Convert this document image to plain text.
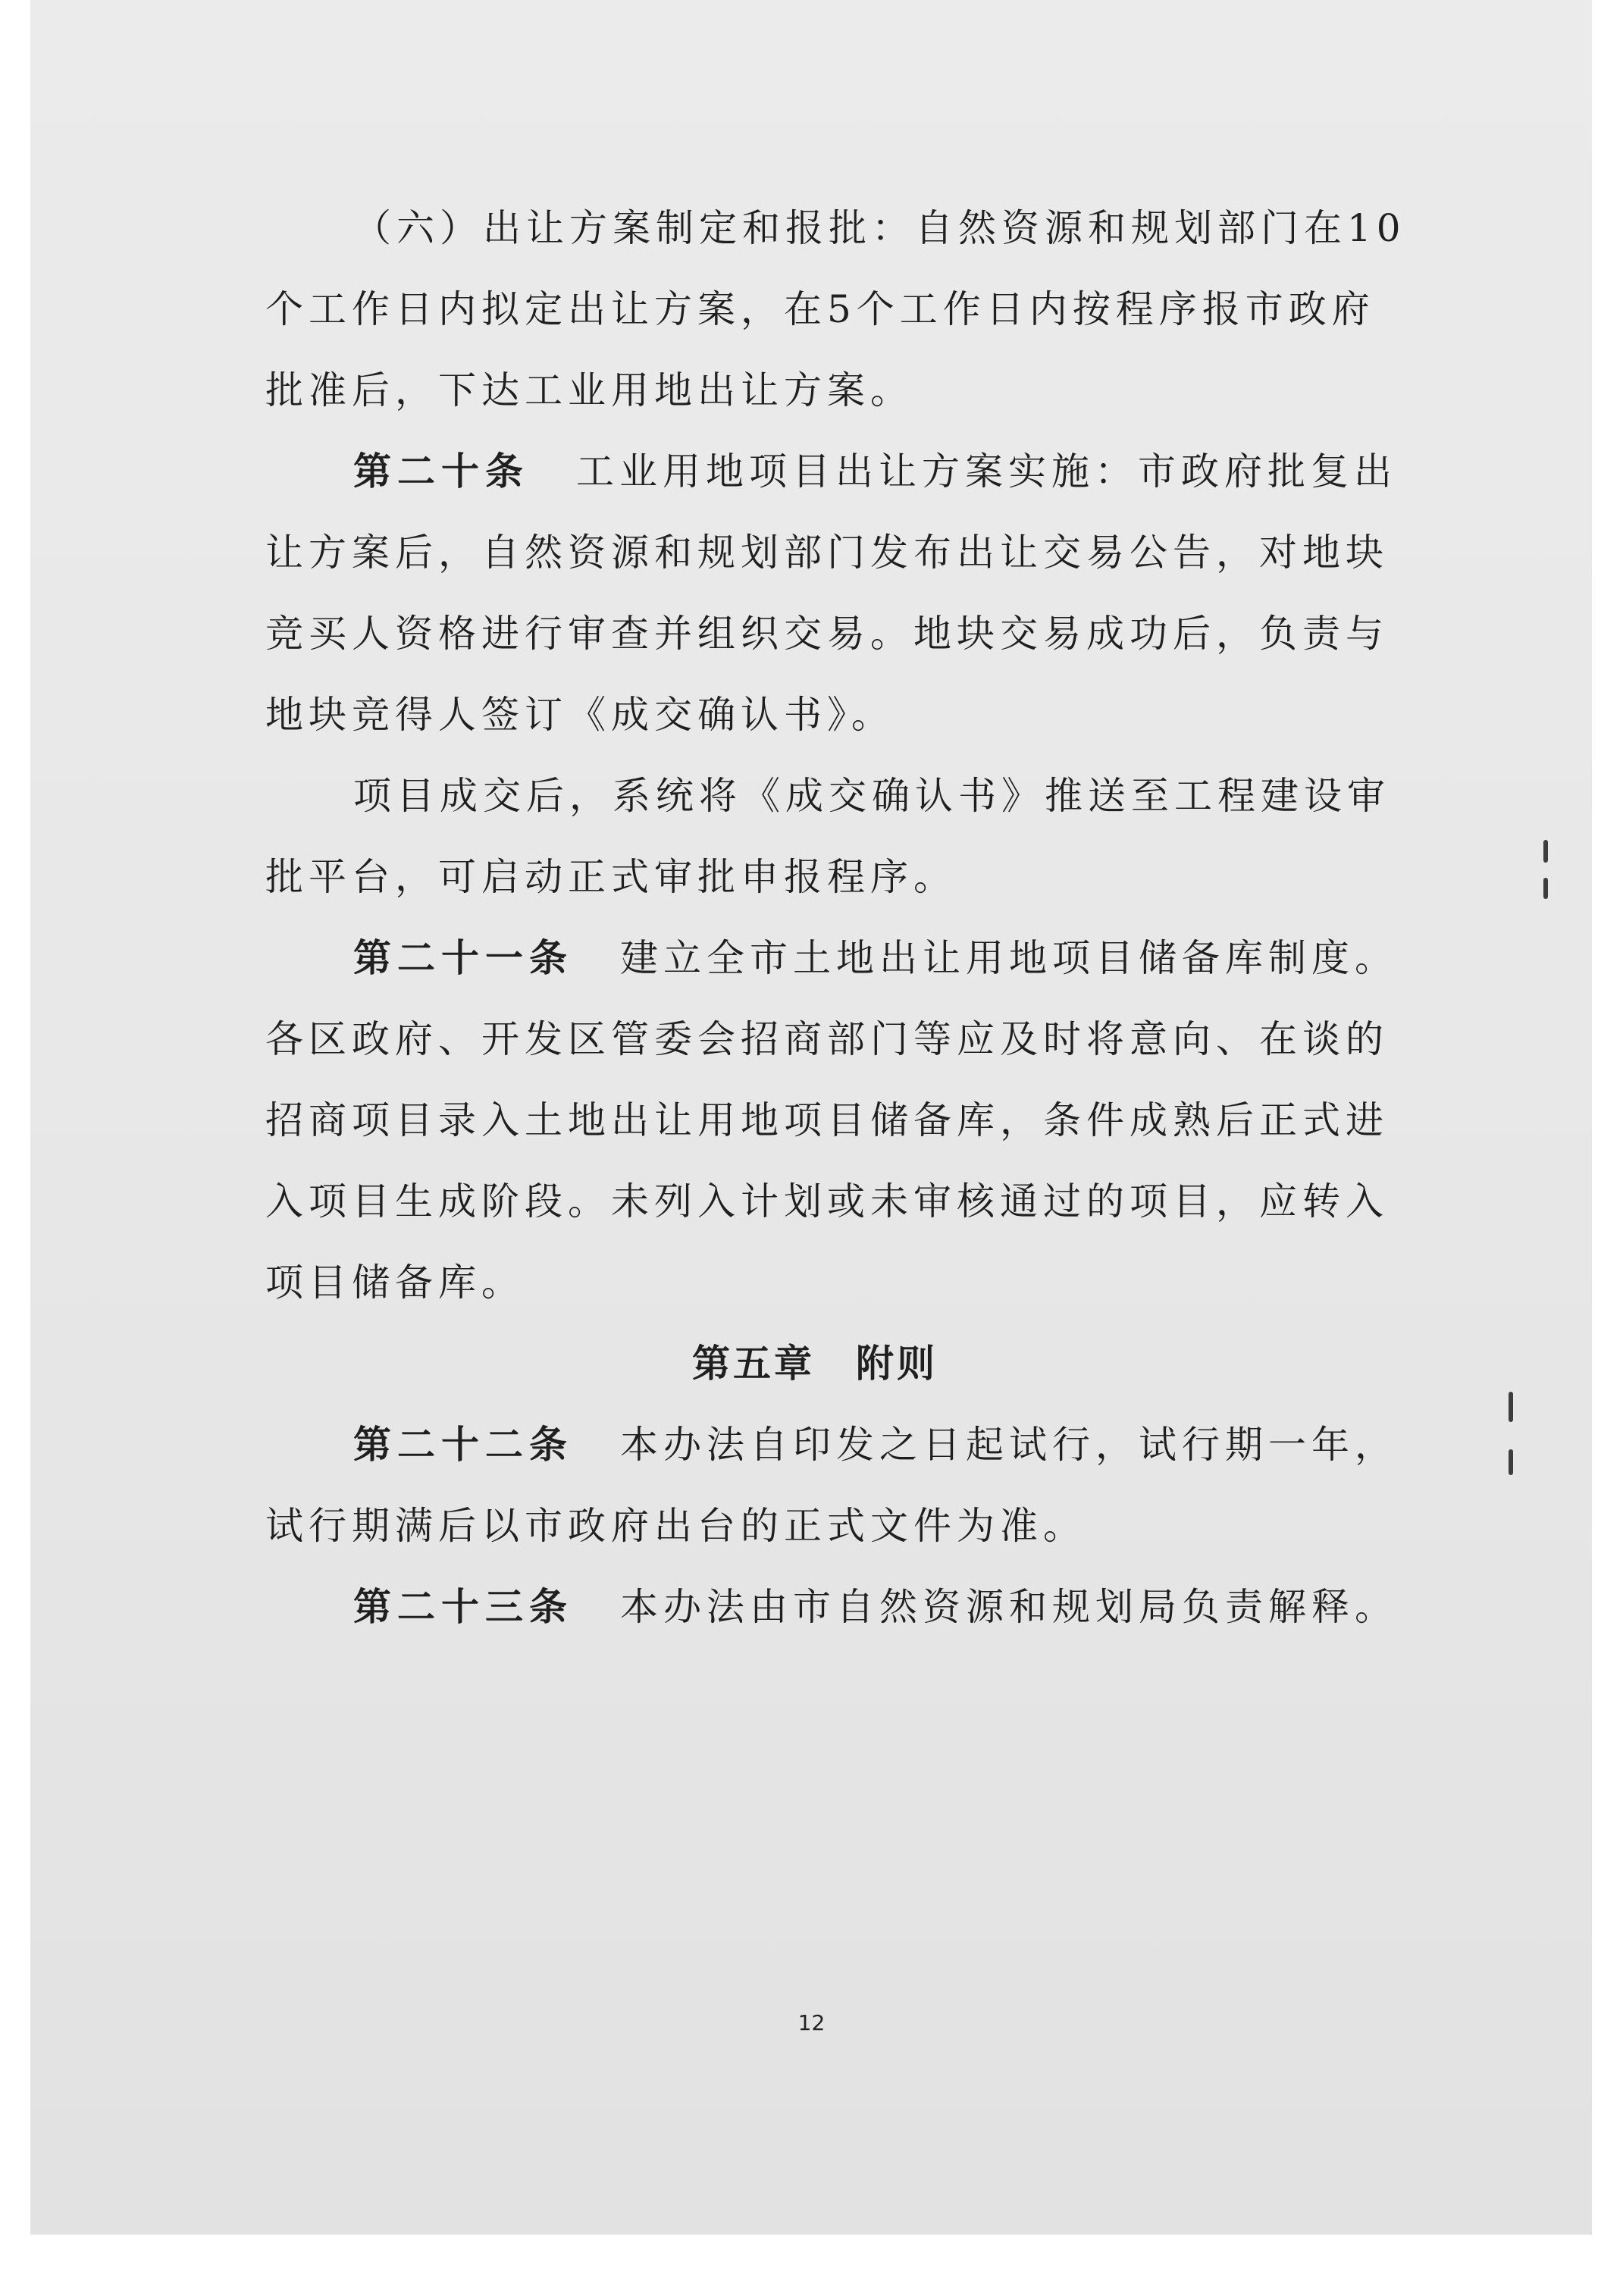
（六）出让方案制定和报批：自然资源和规划部门在10
个工作日内拟定出让方案，在5个工作日内按程序报市政府
批准后，下达工业用地出让方案。
第二十条 工业用地项目出让方案实施：市政府批复出
让方案后，自然资源和规划部门发布出让交易公告，对地块
竞买人资格进行审查并组织交易。地块交易成功后，负责与
地块竞得人签订《成交确认书》。
项目成交后，系统将《成交确认书》推送至工程建设审
批平台，可启动正式审批申报程序。
第二十一条 建立全市土地出让用地项目储备库制度。
各区政府、开发区管委会招商部门等应及时将意向、在谈的
招商项目录入土地出让用地项目储备库，条件成熟后正式进
入项目生成阶段。未列入计划或未审核通过的项目，应转入
项目储备库。
第五章　附则
第二十二条 本办法自印发之日起试行，试行期一年，
试行期满后以市政府出台的正式文件为准。
第二十三条 本办法由市自然资源和规划局负责解释。
12
